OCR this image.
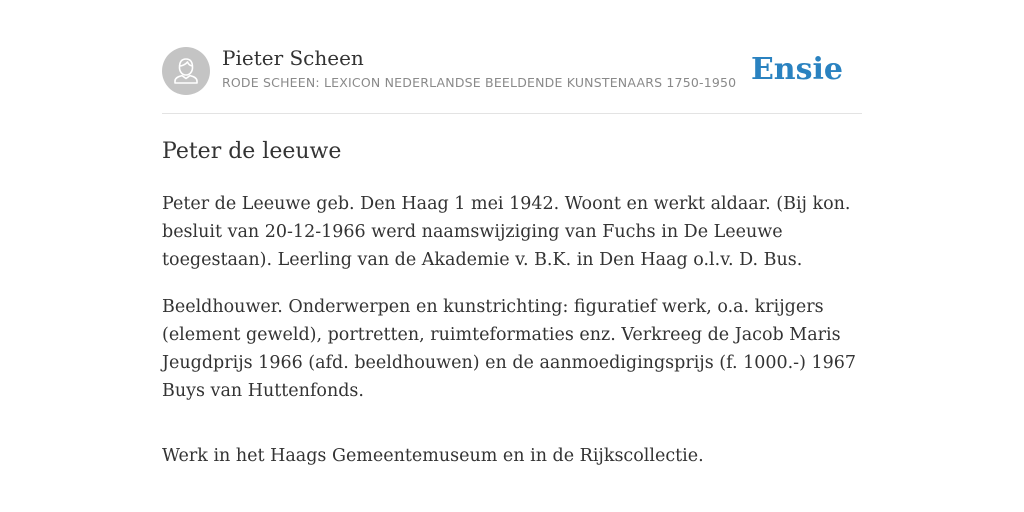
Pieter Scheen
RODE SCHEEN: LEXICON NEDERLANDSE BEELDENDE KUNSTENAARS 1750-1950 Ensie
Peter de leeuwe

Peter de Leeuwe geb. Den Haag 1 mei 1942. Woont en werkt aldaar. (Bij kon. besluit van 20-12-1966 werd naamswijziging van Fuchs in De Leeuwe toegestaan). Leerling van de Akademie v. B.K. in Den Haag o.l.v. D. Bus.

Beeldhouwer. Onderwerpen en kunstrichting: figuratief werk, o.a. krijgers (element geweld), portretten, ruimteformaties enz. Verkreeg de Jacob Maris Jeugdprijs 1966 (afd. beeldhouwen) en de aanmoedigingsprijs (f. 1000.-) 1967 Buys van Huttenfonds.

Werk in het Haags Gemeentemuseum en in de Rijkscollectie.
